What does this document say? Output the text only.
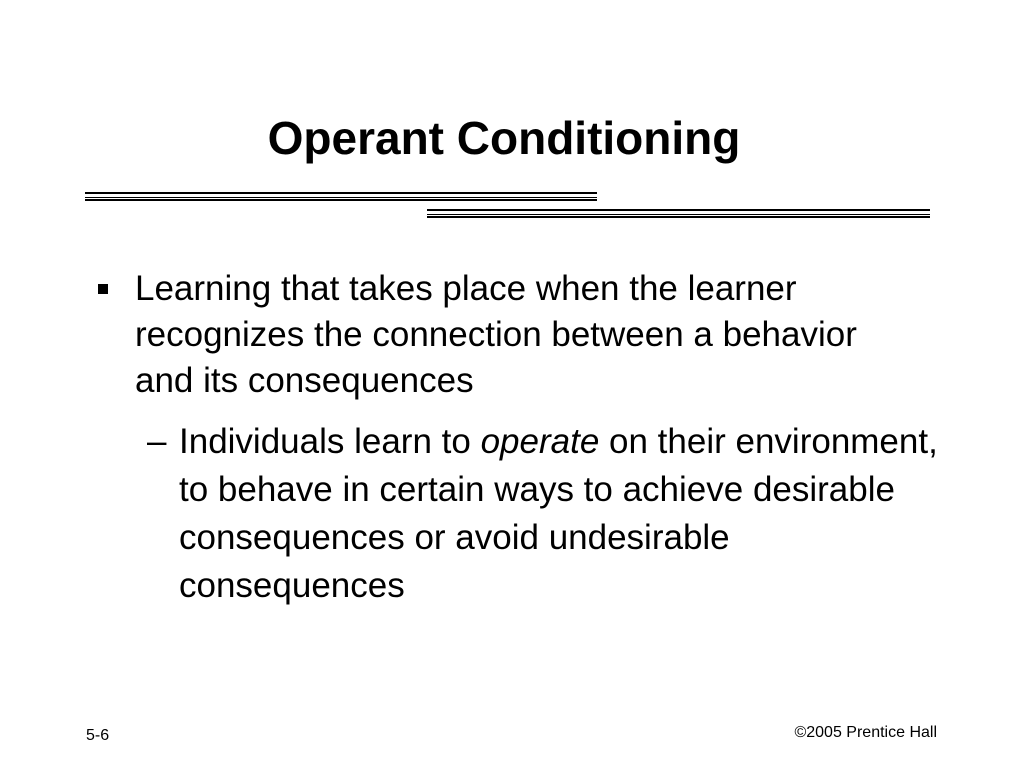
Operant Conditioning
Learning that takes place when the learner recognizes the connection between a behavior and its consequences
– Individuals learn to operate on their environment, to behave in certain ways to achieve desirable consequences or avoid undesirable consequences
5-6	©2005 Prentice Hall
